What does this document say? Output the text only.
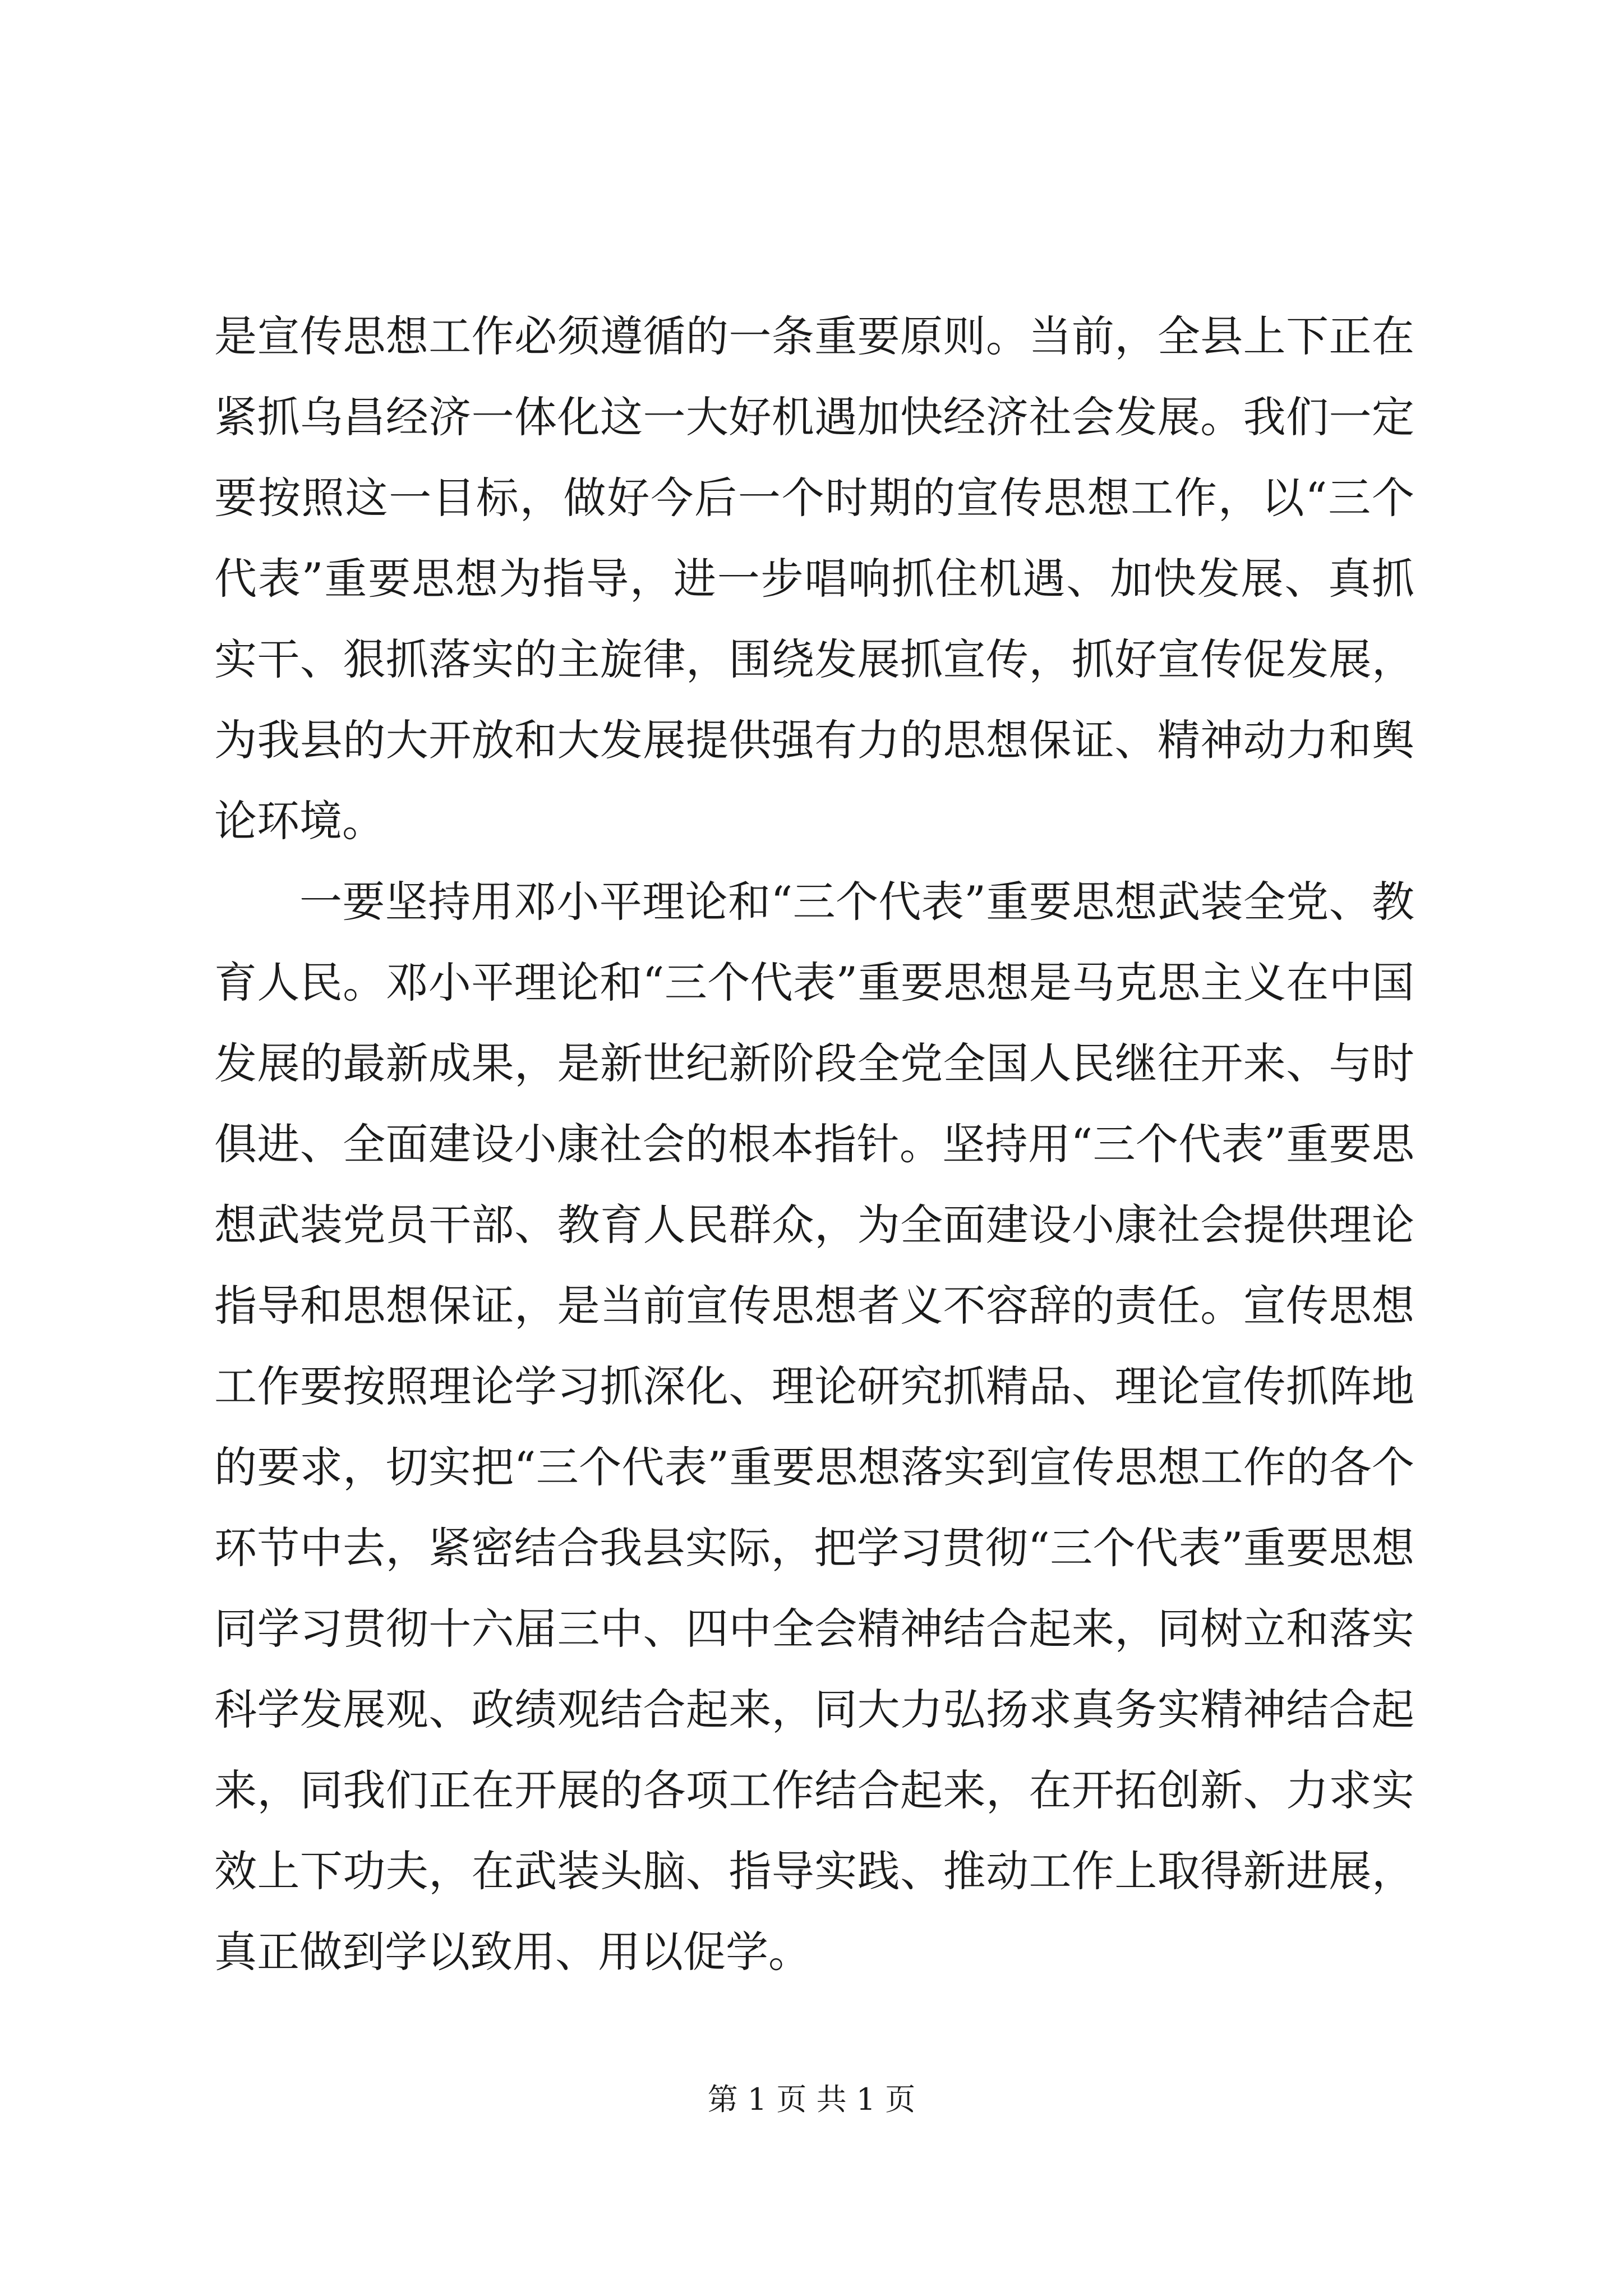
是宣传思想工作必须遵循的一条重要原则。当前，全县上下正在紧抓乌昌经济一体化这一大好机遇加快经济社会发展。我们一定要按照这一目标，做好今后一个时期的宣传思想工作，以“三个代表”重要思想为指导，进一步唱响抓住机遇、加快发展、真抓实干、狠抓落实的主旋律，围绕发展抓宣传，抓好宣传促发展，为我县的大开放和大发展提供强有力的思想保证、精神动力和舆论环境。

一要坚持用邓小平理论和“三个代表”重要思想武装全党、教育人民。邓小平理论和“三个代表”重要思想是马克思主义在中国发展的最新成果，是新世纪新阶段全党全国人民继往开来、与时俱进、全面建设小康社会的根本指针。坚持用“三个代表”重要思想武装党员干部、教育人民群众，为全面建设小康社会提供理论指导和思想保证，是当前宣传思想者义不容辞的责任。宣传思想工作要按照理论学习抓深化、理论研究抓精品、理论宣传抓阵地的要求，切实把“三个代表”重要思想落实到宣传思想工作的各个环节中去，紧密结合我县实际，把学习贯彻“三个代表”重要思想同学习贯彻十六届三中、四中全会精神结合起来，同树立和落实科学发展观、政绩观结合起来，同大力弘扬求真务实精神结合起来，同我们正在开展的各项工作结合起来，在开拓创新、力求实效上下功夫，在武装头脑、指导实践、推动工作上取得新进展，真正做到学以致用、用以促学。

第 1 页 共 1 页
